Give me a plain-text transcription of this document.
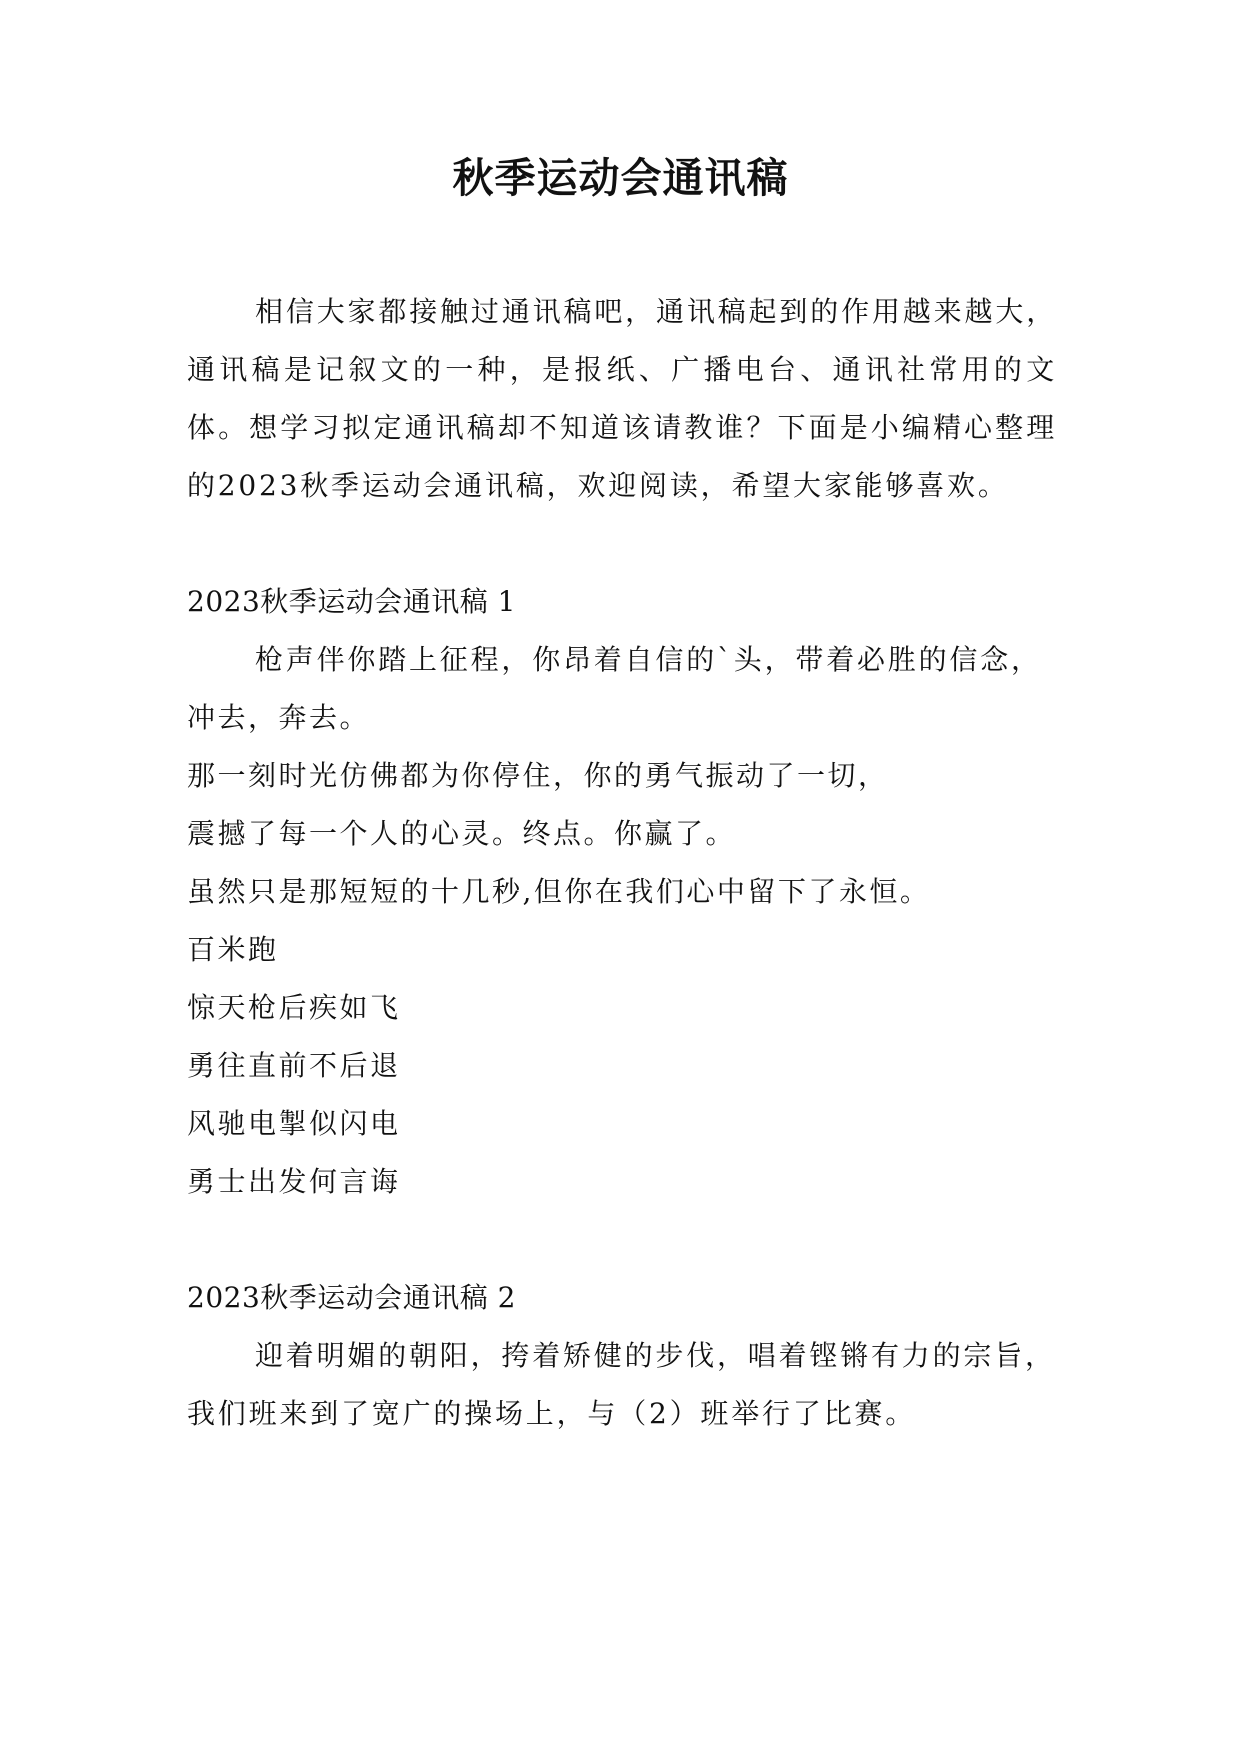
秋季运动会通讯稿

相信大家都接触过通讯稿吧，通讯稿起到的作用越来越大，通讯稿是记叙文的一种，是报纸、广播电台、通讯社常用的文体。想学习拟定通讯稿却不知道该请教谁？下面是小编精心整理的2023秋季运动会通讯稿，欢迎阅读，希望大家能够喜欢。

2023秋季运动会通讯稿 1

枪声伴你踏上征程，你昂着自信的`头，带着必胜的信念，

冲去，奔去。

那一刻时光仿佛都为你停住，你的勇气振动了一切，

震撼了每一个人的心灵。终点。你赢了。

虽然只是那短短的十几秒,但你在我们心中留下了永恒。

百米跑

惊天枪后疾如飞

勇往直前不后退

风驰电掣似闪电

勇士出发何言诲

2023秋季运动会通讯稿 2

迎着明媚的朝阳，挎着矫健的步伐，唱着铿锵有力的宗旨，我们班来到了宽广的操场上，与（2）班举行了比赛。
